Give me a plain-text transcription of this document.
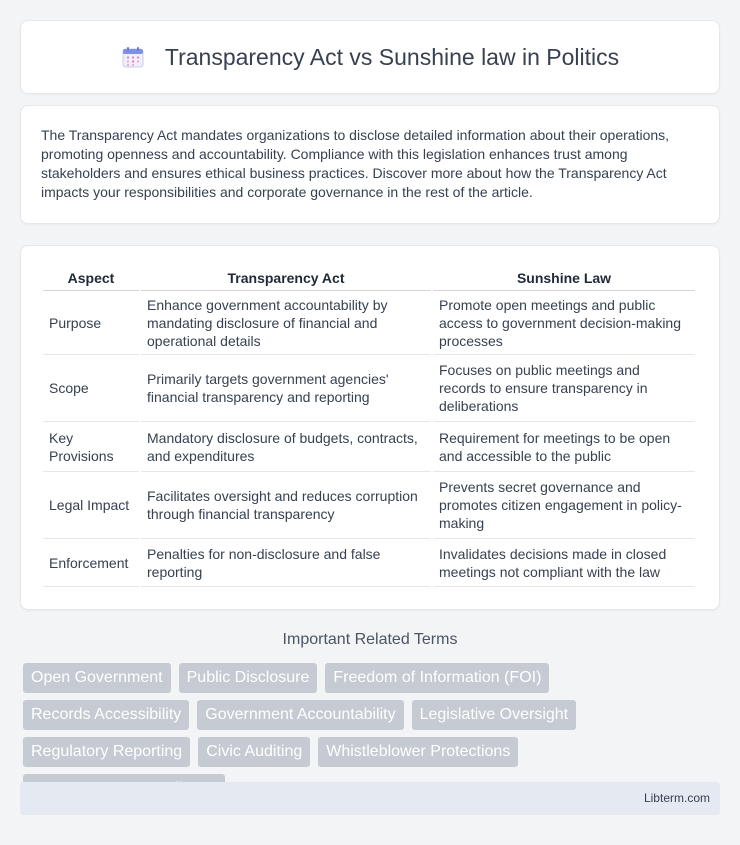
Transparency Act vs Sunshine law in Politics

The Transparency Act mandates organizations to disclose detailed information about their operations, promoting openness and accountability. Compliance with this legislation enhances trust among stakeholders and ensures ethical business practices. Discover more about how the Transparency Act impacts your responsibilities and corporate governance in the rest of the article.

Aspect	Transparency Act	Sunshine Law
Purpose	Enhance government accountability by mandating disclosure of financial and operational details	Promote open meetings and public access to government decision-making processes
Scope	Primarily targets government agencies' financial transparency and reporting	Focuses on public meetings and records to ensure transparency in deliberations
Key Provisions	Mandatory disclosure of budgets, contracts, and expenditures	Requirement for meetings to be open and accessible to the public
Legal Impact	Facilitates oversight and reduces corruption through financial transparency	Prevents secret governance and promotes citizen engagement in policy-making
Enforcement	Penalties for non-disclosure and false reporting	Invalidates decisions made in closed meetings not compliant with the law
Important Related Terms
Open Government	Public Disclosure	Freedom of Information (FOI)
Records Accessibility	Government Accountability	Legislative Oversight
Regulatory Reporting	Civic Auditing	Whistleblower Protections
Libterm.com
